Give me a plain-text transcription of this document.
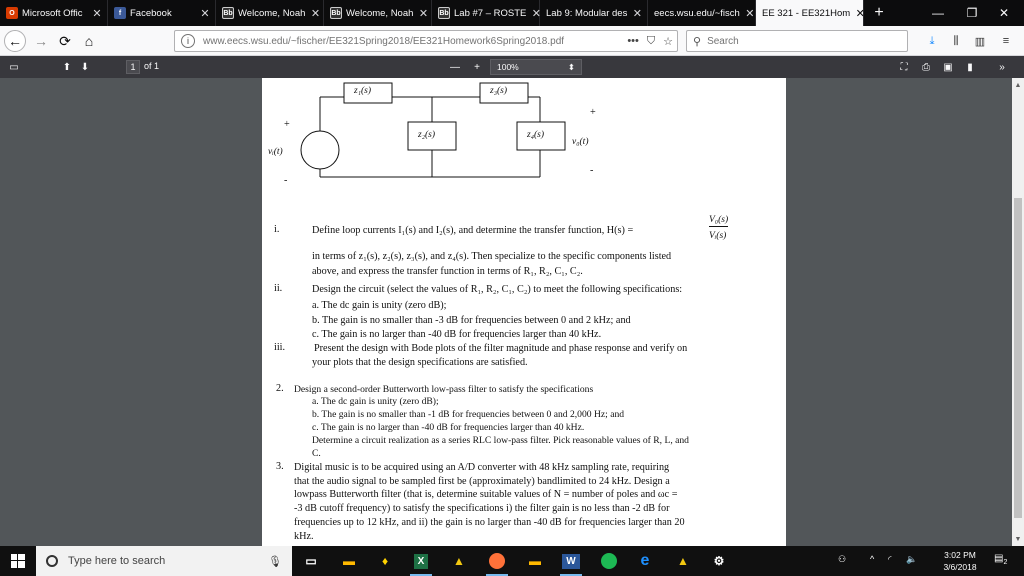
O Microsoft Offic ✕	f Facebook	✕ Bb Welcome, Noah ✕ Bb Welcome, Noah ✕ Bb Lab #7 – ROSTE ✕ Lab 9: Modular des ✕ eecs.wsu.edu/~fisch ✕ EE 321 - EE321Hom ✕ +	—	❐	✕
← → ⟳ ⌂	i	www.eecs.wsu.edu/~fischer/EE321Spring2018/EE321Homework6Spring2018.pdf	••• ⛉ ☆ ⚲ Search	⤓	⫼	▥	≡
▭	⬆ ⬇	1 of 1	—	+	100%	⬍	⛶	⎙	▣	▮	»
z₁(s)	z₃(s)
z₂(s)	z₄(s)
+
vᵢ(t)
-
+
v₀(t)
-
i.	Define loop currents I₁(s) and I₂(s), and determine the transfer function, H(s) =
V₀(s)
Vᵢ(s)
in terms of z₁(s), z₂(s), z₃(s), and z₄(s). Then specialize to the specific components listed
above, and express the transfer function in terms of R₁, R₂, C₁, C₂.
ii.	Design the circuit (select the values of R₁, R₂, C₁, C₂) to meet the following specifications:
a. The dc gain is unity (zero dB);
b. The gain is no smaller than -3 dB for frequencies between 0 and 2 kHz; and
c. The gain is no larger than -40 dB for frequencies larger than 40 kHz.
iii.	Present the design with Bode plots of the filter magnitude and phase response and verify on
your plots that the design specifications are satisfied.
2. Design a second-order Butterworth low-pass filter to satisfy the specifications
a. The dc gain is unity (zero dB);
b. The gain is no smaller than -1 dB for frequencies between 0 and 2,000 Hz; and
c. The gain is no larger than -40 dB for frequencies larger than 40 kHz.
Determine a circuit realization as a series RLC low-pass filter. Pick reasonable values of R, L, and
C.
3. Digital music is to be acquired using an A/D converter with 48 kHz sampling rate, requiring
that the audio signal to be sampled first be (approximately) bandlimited to 24 kHz. Design a
lowpass Butterworth filter (that is, determine suitable values of N = number of poles and ωc =
-3 dB cutoff frequency) to satisfy the specifications i) the filter gain is no less than -2 dB for
frequencies up to 12 kHz, and ii) the gain is no larger than -40 dB for frequencies larger than 20
kHz.
▲
▼
Type here to search	🎙	▭	▬	♦	X	▲	▬	W	e	▲	⚙	⚇	^ ◜ 🔈	3:02 PM
3/6/2018
$▤_2$
